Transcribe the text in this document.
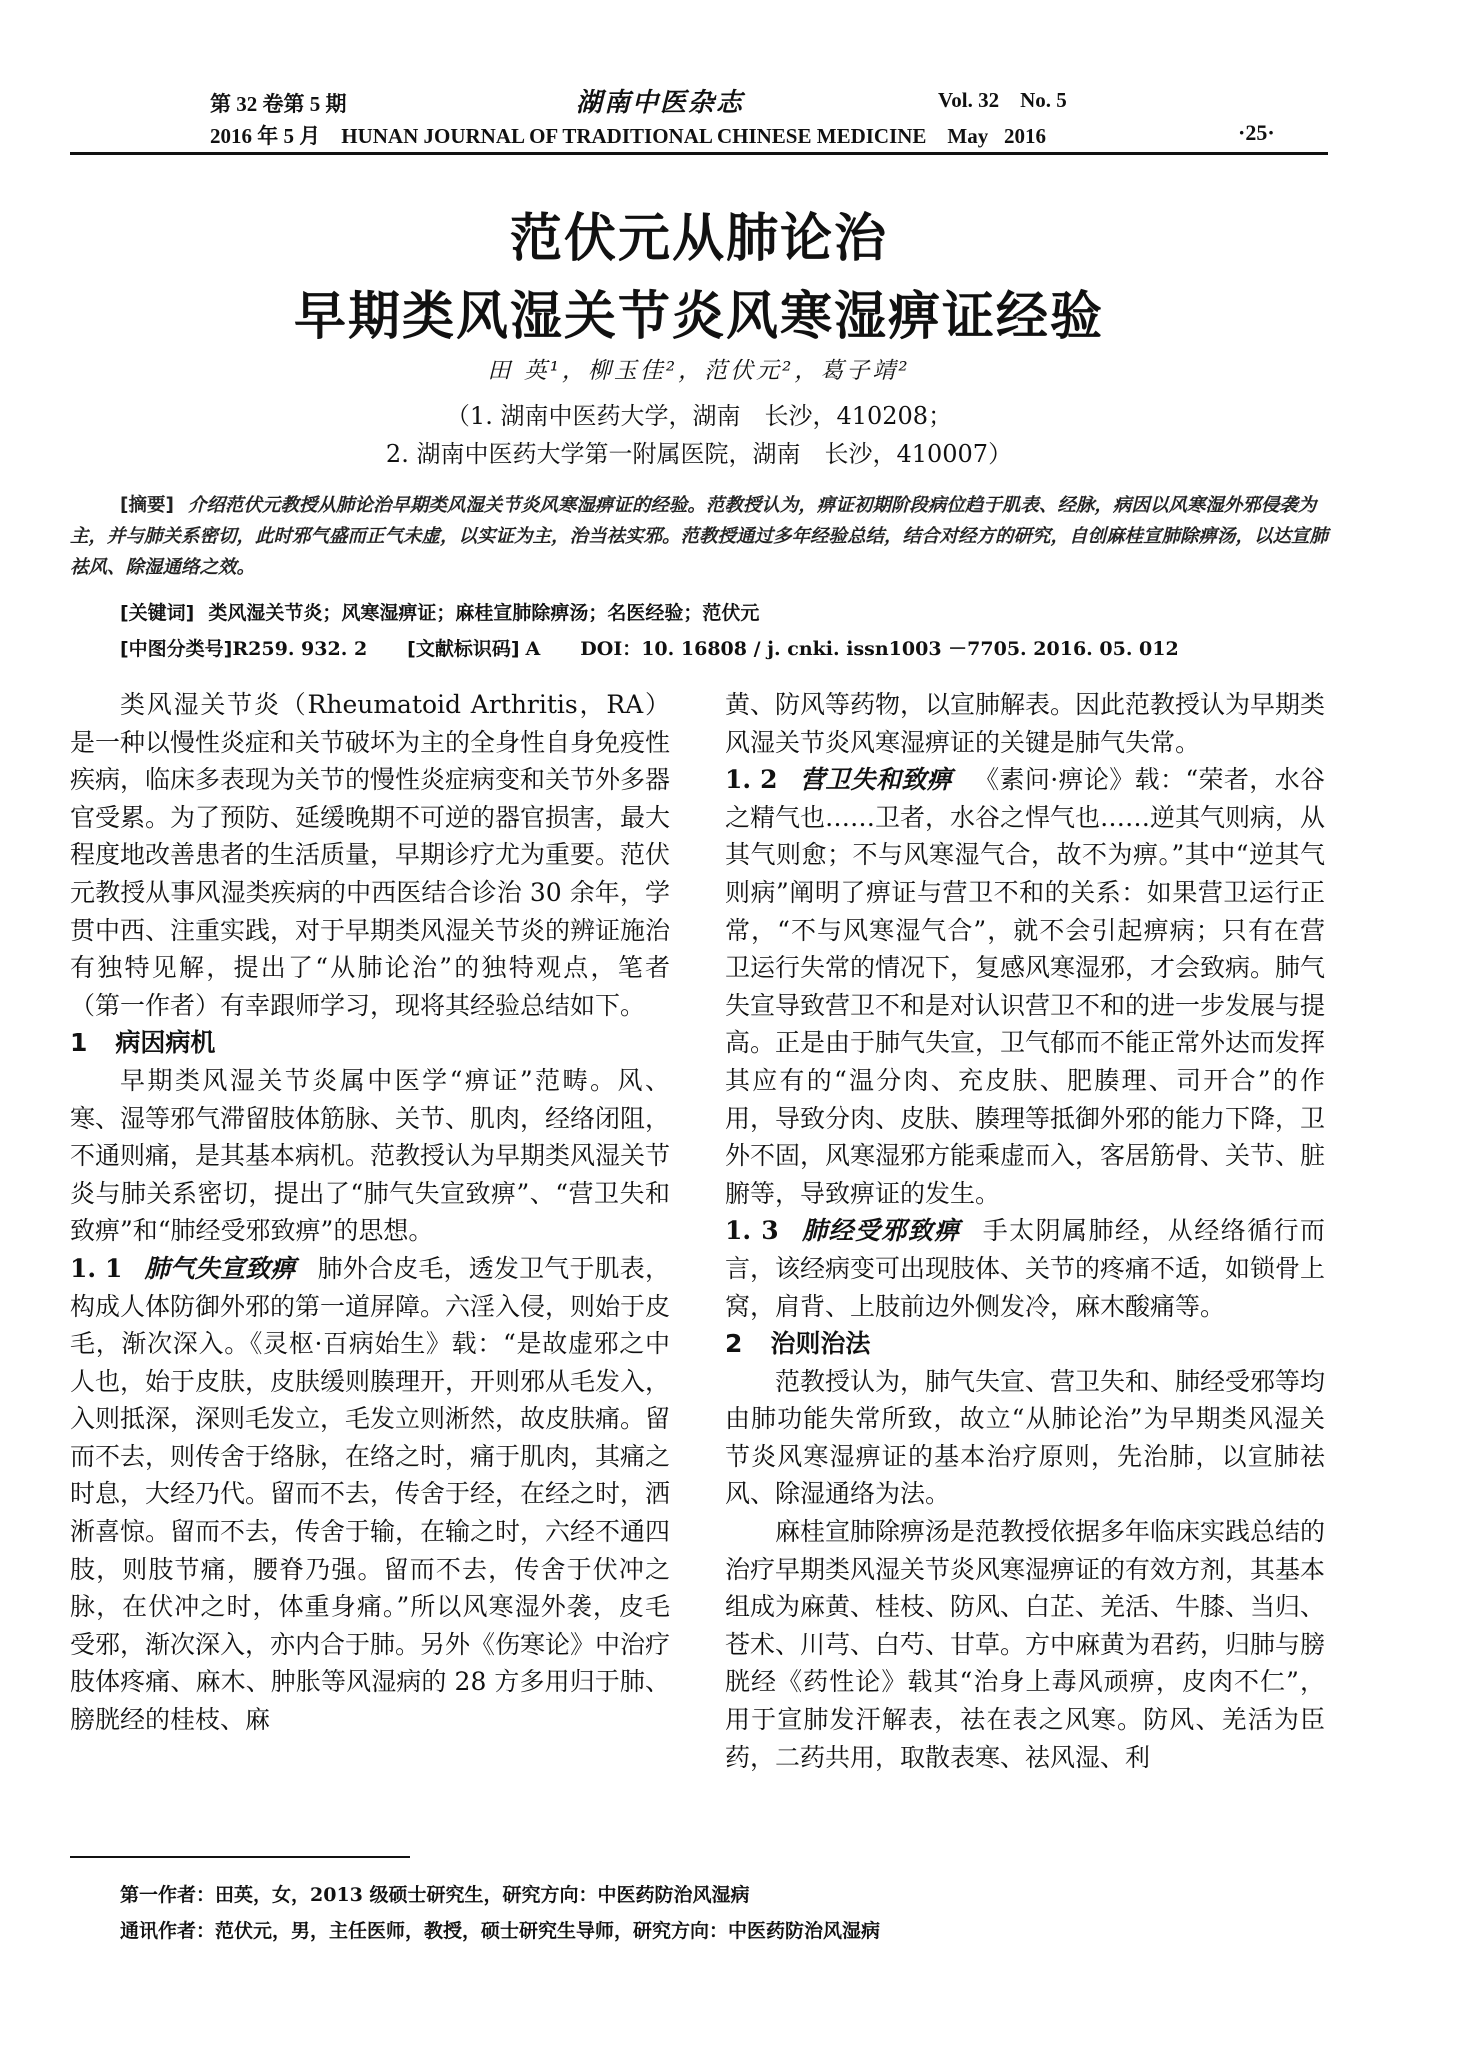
第 32 卷第 5 期
2016 年 5 月    HUNAN JOURNAL OF TRADITIONAL CHINESE MEDICINE    May   2016
湖南中医杂志	Vol. 32    No. 5
·25·
范伏元从肺论治
早期类风湿关节炎风寒湿痹证经验
田 英¹，柳玉佳²，范伏元²，葛子靖²
（1. 湖南中医药大学，湖南　长沙，410208；
2. 湖南中医药大学第一附属医院，湖南　长沙，410007）
[摘要] 介绍范伏元教授从肺论治早期类风湿关节炎风寒湿痹证的经验。范教授认为，痹证初期阶段病位趋于肌表、经脉，病因以风寒湿外邪侵袭为主，并与肺关系密切，此时邪气盛而正气未虚，以实证为主，治当祛实邪。范教授通过多年经验总结，结合对经方的研究，自创麻桂宣肺除痹汤，以达宣肺祛风、除湿通络之效。
[关键词] 类风湿关节炎；风寒湿痹证；麻桂宣肺除痹汤；名医经验；范伏元
[中图分类号]R259. 932. 2 [文献标识码] A DOI：10. 16808 / j. cnki. issn1003 －7705. 2016. 05. 012

类风湿关节炎（Rheumatoid Arthritis，RA）是一种以慢性炎症和关节破坏为主的全身性自身免疫性疾病，临床多表现为关节的慢性炎症病变和关节外多器官受累。为了预防、延缓晚期不可逆的器官损害，最大程度地改善患者的生活质量，早期诊疗尤为重要。范伏元教授从事风湿类疾病的中西医结合诊治 30 余年，学贯中西、注重实践，对于早期类风湿关节炎的辨证施治有独特见解，提出了“从肺论治”的独特观点，笔者（第一作者）有幸跟师学习，现将其经验总结如下。

1 病因病机

早期类风湿关节炎属中医学“痹证”范畴。风、寒、湿等邪气滞留肢体筋脉、关节、肌肉，经络闭阻，不通则痛，是其基本病机。范教授认为早期类风湿关节炎与肺关系密切，提出了“肺气失宣致痹”、“营卫失和致痹”和“肺经受邪致痹”的思想。

1. 1 肺气失宣致痹 肺外合皮毛，透发卫气于肌表，构成人体防御外邪的第一道屏障。六淫入侵，则始于皮毛，渐次深入。《灵枢·百病始生》载：“是故虚邪之中人也，始于皮肤，皮肤缓则腠理开，开则邪从毛发入，入则抵深，深则毛发立，毛发立则淅然，故皮肤痛。留而不去，则传舍于络脉，在络之时，痛于肌肉，其痛之时息，大经乃代。留而不去，传舍于经，在经之时，洒淅喜惊。留而不去，传舍于输，在输之时，六经不通四肢，则肢节痛，腰脊乃强。留而不去，传舍于伏冲之脉，在伏冲之时，体重身痛。”所以风寒湿外袭，皮毛受邪，渐次深入，亦内合于肺。另外《伤寒论》中治疗肢体疼痛、麻木、肿胀等风湿病的 28 方多用归于肺、膀胱经的桂枝、麻

黄、防风等药物，以宣肺解表。因此范教授认为早期类风湿关节炎风寒湿痹证的关键是肺气失常。

1. 2 营卫失和致痹 《素问·痹论》载：“荣者，水谷之精气也……卫者，水谷之悍气也……逆其气则病，从其气则愈；不与风寒湿气合，故不为痹。”其中“逆其气则病”阐明了痹证与营卫不和的关系：如果营卫运行正常，“不与风寒湿气合”，就不会引起痹病；只有在营卫运行失常的情况下，复感风寒湿邪，才会致病。肺气失宣导致营卫不和是对认识营卫不和的进一步发展与提高。正是由于肺气失宣，卫气郁而不能正常外达而发挥其应有的“温分肉、充皮肤、肥腠理、司开合”的作用，导致分肉、皮肤、腠理等抵御外邪的能力下降，卫外不固，风寒湿邪方能乘虚而入，客居筋骨、关节、脏腑等，导致痹证的发生。

1. 3 肺经受邪致痹 手太阴属肺经，从经络循行而言，该经病变可出现肢体、关节的疼痛不适，如锁骨上窝，肩背、上肢前边外侧发冷，麻木酸痛等。

2 治则治法

范教授认为，肺气失宣、营卫失和、肺经受邪等均由肺功能失常所致，故立“从肺论治”为早期类风湿关节炎风寒湿痹证的基本治疗原则，先治肺，以宣肺祛风、除湿通络为法。

麻桂宣肺除痹汤是范教授依据多年临床实践总结的治疗早期类风湿关节炎风寒湿痹证的有效方剂，其基本组成为麻黄、桂枝、防风、白芷、羌活、牛膝、当归、苍术、川芎、白芍、甘草。方中麻黄为君药，归肺与膀胱经《药性论》载其“治身上毒风顽痹，皮肉不仁”，用于宣肺发汗解表，祛在表之风寒。防风、羌活为臣药，二药共用，取散表寒、祛风湿、利

第一作者：田英，女，2013 级硕士研究生，研究方向：中医药防治风湿病
通讯作者：范伏元，男，主任医师，教授，硕士研究生导师，研究方向：中医药防治风湿病
